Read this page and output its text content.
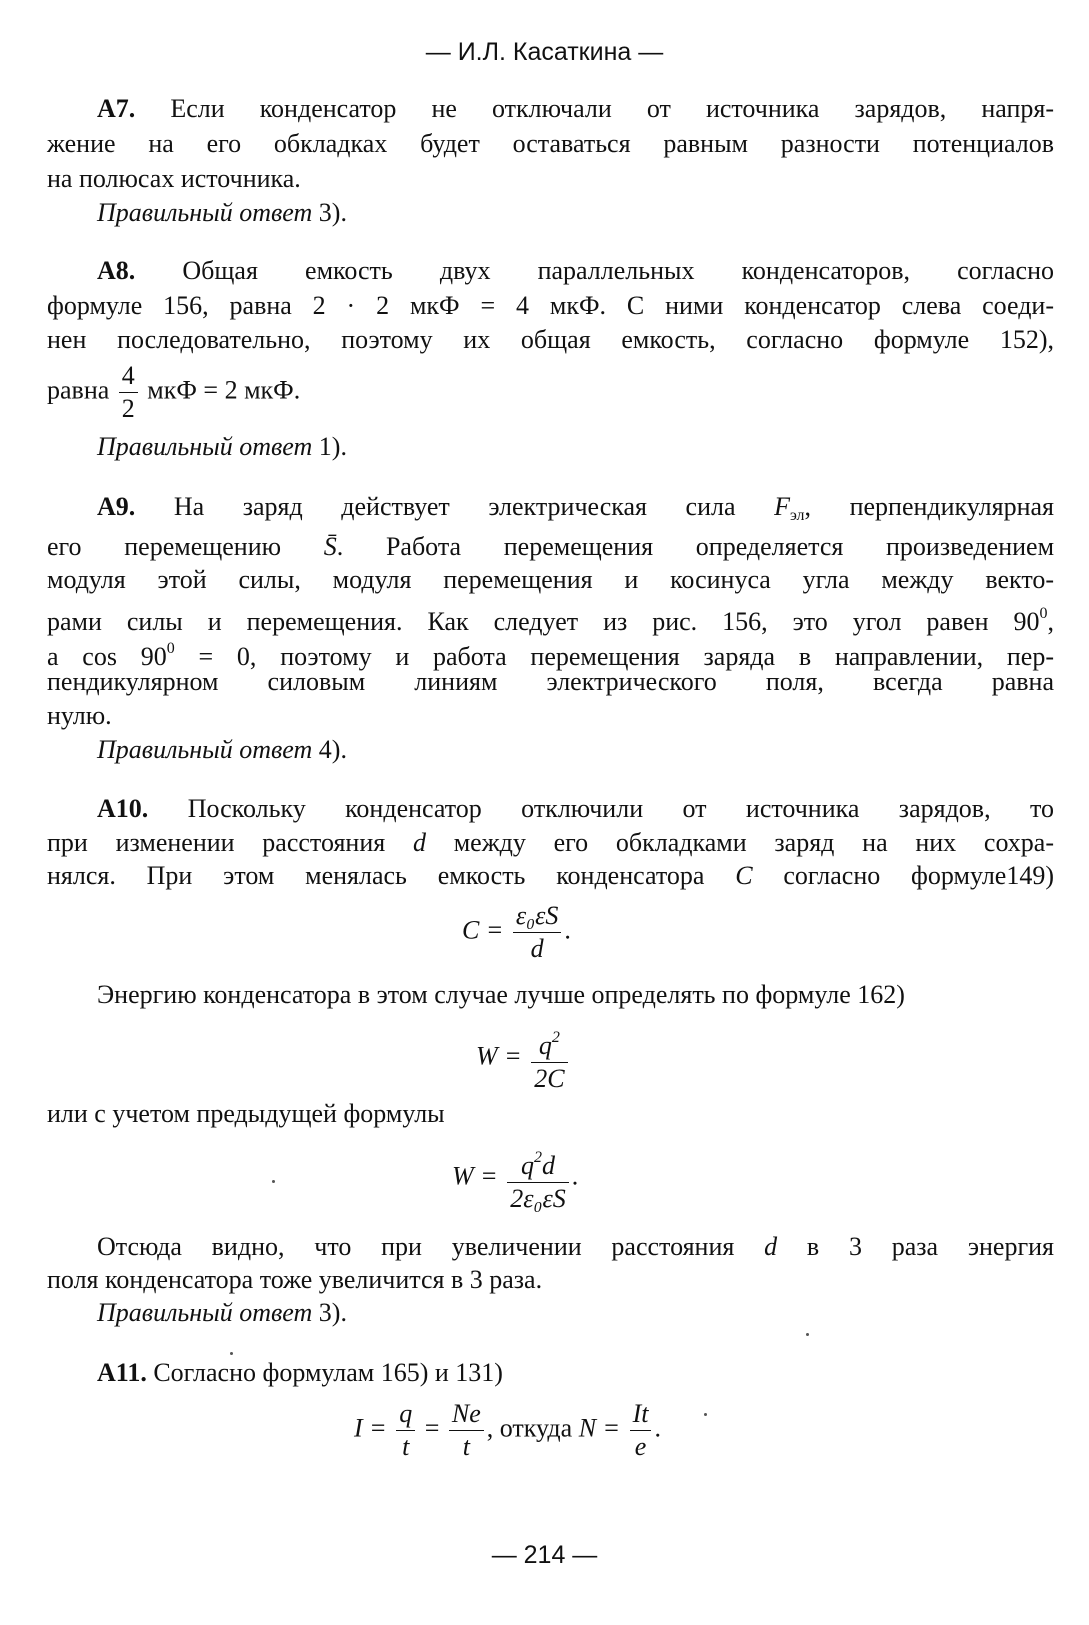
— И.Л. Касаткина —
А7. Если конденсатор не отключали от источника зарядов, напря-
жение на его обкладках будет оставаться равным разности потенциалов
на полюсах источника.
Правильный ответ 3).
А8. Общая емкость двух параллельных конденсаторов, согласно
формуле 156, равна 2 · 2 мкФ = 4 мкФ. С ними конденсатор слева соеди-
нен последовательно, поэтому их общая емкость, согласно формуле 152),
равна $\frac{4}{2}$ мкФ = 2 мкФ.
Правильный ответ 1).
А9. На заряд действует электрическая сила $F_{эл}$, перпендикулярная
его перемещению S̄. Работа перемещения определяется произведением
модуля этой силы, модуля перемещения и косинуса угла между векто-
рами силы и перемещения. Как следует из рис. 156, это угол равен $90^0$,
а $\cos 90^0 = 0$, поэтому и работа перемещения заряда в направлении, пер-
пендикулярном силовым линиям электрического поля, всегда равна
нулю.
Правильный ответ 4).
А10. Поскольку конденсатор отключили от источника зарядов, то
при изменении расстояния d между его обкладками заряд на них сохра-
нялся. При этом менялась емкость конденсатора C согласно формуле149)
$C = \frac{\text{ε₀εS}}{d}$ .
Энергию конденсатора в этом случае лучше определять по формуле 162)
$W = \frac{q^2}{2C}$
или с учетом предыдущей формулы
$W = \frac{q^2d}{\text{2ε₀εS}}$ .
Отсюда видно, что при увеличении расстояния d в 3 раза энергия
поля конденсатора тоже увеличится в 3 раза.
Правильный ответ 3).
А11. Согласно формулам 165) и 131)
$I = \frac{q}{t} = \frac{Ne}{t}$ , откуда $N = \frac{It}{e}$ .
— 214 —
